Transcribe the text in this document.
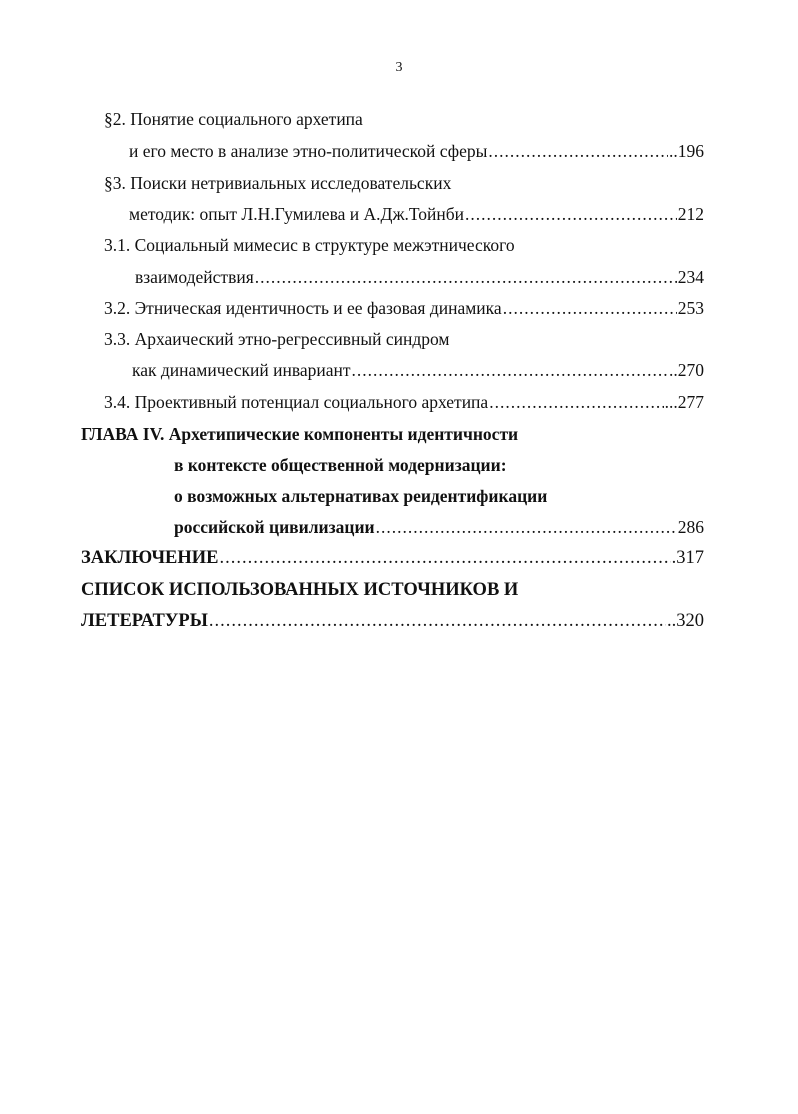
3
§2. Понятие социального архетипа
и его место в анализе этно-политической сферы .....	..196
§3. Поиски нетривиальных исследовательских
методик: опыт Л.Н.Гумилева и А.Дж.Тойнби .....	212
3.1. Социальный мимесис в структуре межэтнического
взаимодействия .....	234
3.2. Этническая идентичность и ее фазовая динамика .....	253
3.3. Архаический этно-регрессивный синдром
как динамический инвариант .....	..270
3.4. Проективный потенциал социального архетипа .....	...277
ГЛАВА IV. Архетипические компоненты идентичности
в контексте общественной модернизации:
о возможных альтернативах реидентификации
российской цивилизации .....	286
ЗАКЛЮЧЕНИЕ .....	.317
СПИСОК ИСПОЛЬЗОВАННЫХ ИСТОЧНИКОВ И
ЛЕТЕРАТУРЫ .....	..320
